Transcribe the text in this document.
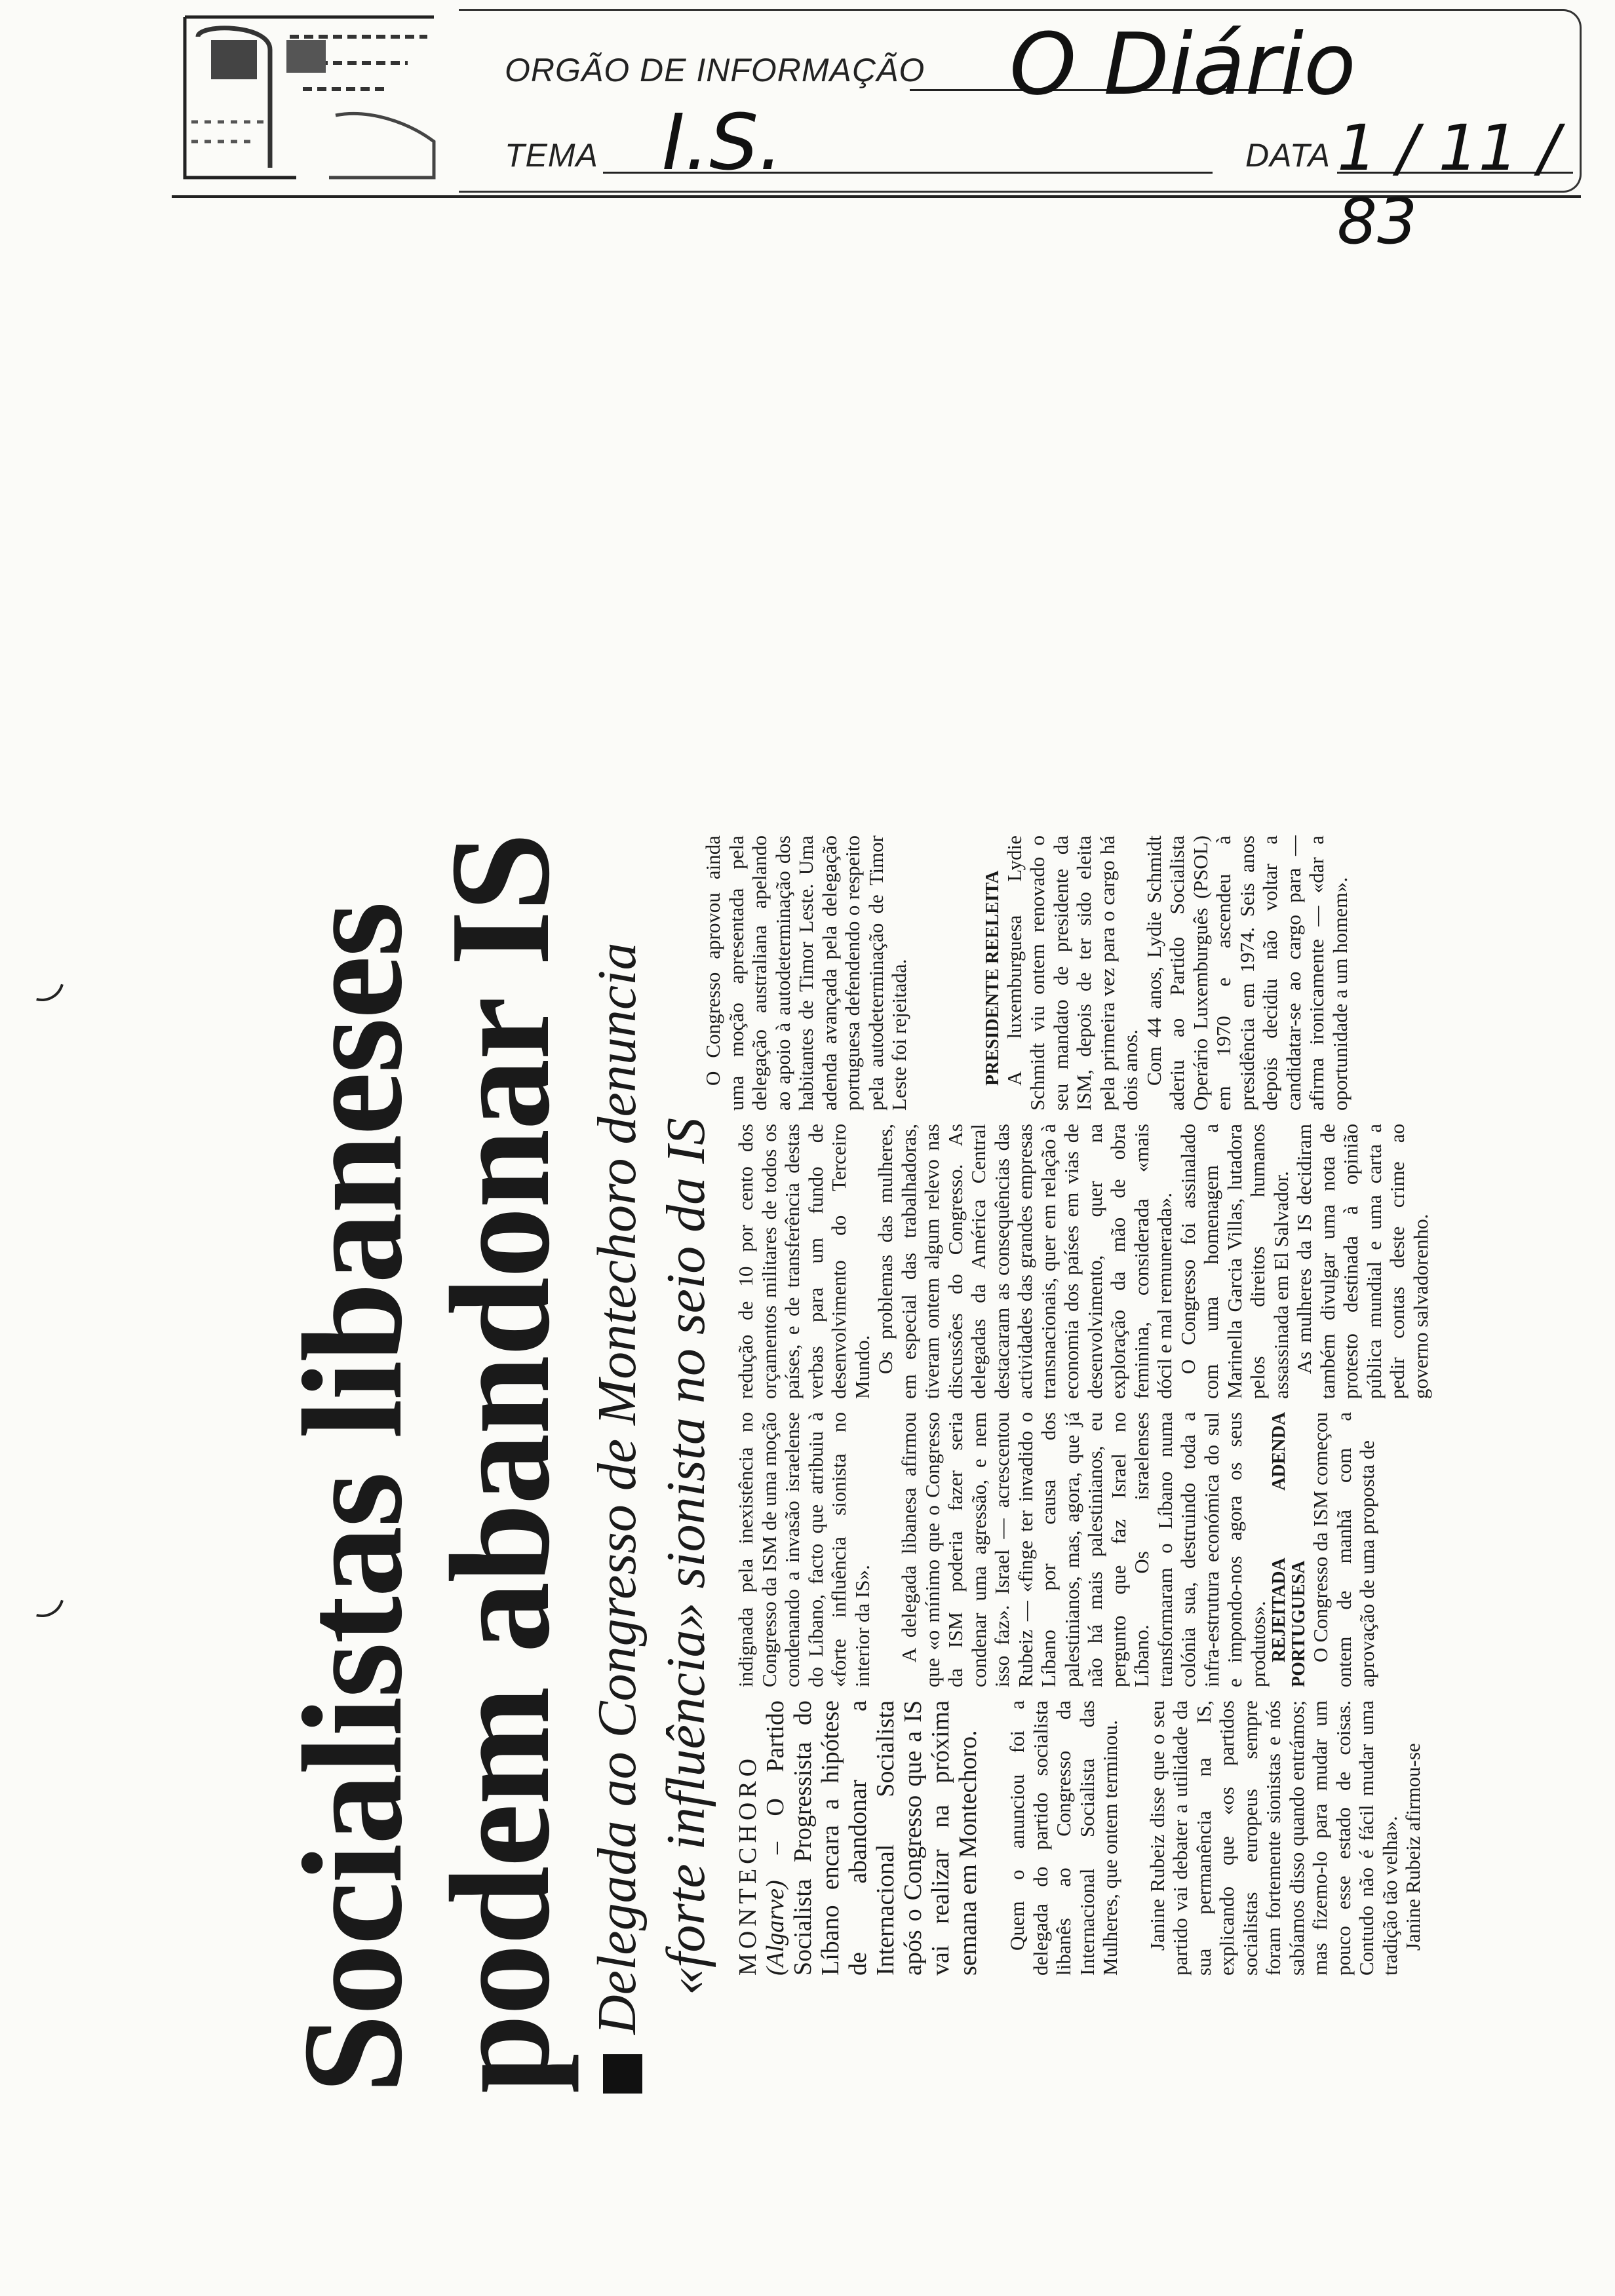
ORGÃO DE INFORMAÇÃO O Diário
TEMA I.S.	DATA 1 / 11 / 83
Socialistas libaneses
podem abandonar IS Delegada ao Congresso de Montechoro denuncia «forte influência» sionista no seio da IS MONTECHORO (Algarve) – O Partido Socialista Progressista do Líbano encara a hipótese de abandonar a Internacional Socialista após o Congresso que a IS vai realizar na próxima semana em Montechoro. Quem o anunciou foi a delegada do partido socialista libanês ao Congresso da Internacional Socialista das Mulheres, que ontem terminou. Janine Rubeiz disse que o seu partido vai debater a utilidade da sua permanência na IS, explicando que «os partidos socialistas europeus sempre foram fortemente sionistas e nós sabíamos disso quando entrámos; mas fizemo-lo para mudar um pouco esse estado de coisas. Contudo não é fácil mudar uma tradição tão velha». Janine Rubeiz afirmou-se

indignada pela inexistência no Congresso da ISM de uma moção condenando a invasão israelense do Líbano, facto que atribuiu à «forte influência sionista no interior da IS». A delegada libanesa afirmou que «o mínimo que o Congresso da ISM poderia fazer seria condenar uma agressão, e nem isso faz». Israel — acrescentou Rubeiz — «finge ter invadido o Líbano por causa dos palestinianos, mas, agora, que já não há mais palestinianos, eu pergunto que faz Israel no Líbano. Os israelenses transformaram o Líbano numa colónia sua, destruindo toda a infra-estrutura económica do sul e impondo-nos agora os seus produtos». REJEITADA ADENDA PORTUGUESA O Congresso da ISM começou ontem de manhã com a aprovação de uma proposta de

redução de 10 por cento dos orçamentos militares de todos os países, e de transferência destas verbas para um fundo de desenvolvimento do Terceiro Mundo. Os problemas das mulheres, em especial das trabalhadoras, tiveram ontem algum relevo nas discussões do Congresso. As delegadas da América Central destacaram as consequências das actividades das grandes empresas transnacionais, quer em relação à economia dos países em vias de desenvolvimento, quer na exploração da mão de obra feminina, considerada «mais dócil e mal remunerada». O Congresso foi assinalado com uma homenagem a Marinella Garcia Villas, lutadora pelos direitos humanos assassinada em El Salvador. As mulheres da IS decidiram também divulgar uma nota de protesto destinada à opinião pública mundial e uma carta a pedir contas deste crime ao governo salvadorenho.

O Congresso aprovou ainda uma moção apresentada pela delegação australiana apelando ao apoio à autodeterminação dos habitantes de Timor Leste. Uma adenda avançada pela delegação portuguesa defendendo o respeito pela autodeterminação de Timor Leste foi rejeitada.	PRESIDENTE REELEITA A luxemburguesa Lydie Schmidt viu ontem renovado o seu mandato de presidente da ISM, depois de ter sido eleita pela primeira vez para o cargo há dois anos. Com 44 anos, Lydie Schmidt aderiu ao Partido Socialista Operário Luxemburguês (PSOL) em 1970 e ascendeu à presidência em 1974. Seis anos depois decidiu não voltar a candidatar-se ao cargo para — afirma ironicamente — «dar a oportunidade a um homem».
